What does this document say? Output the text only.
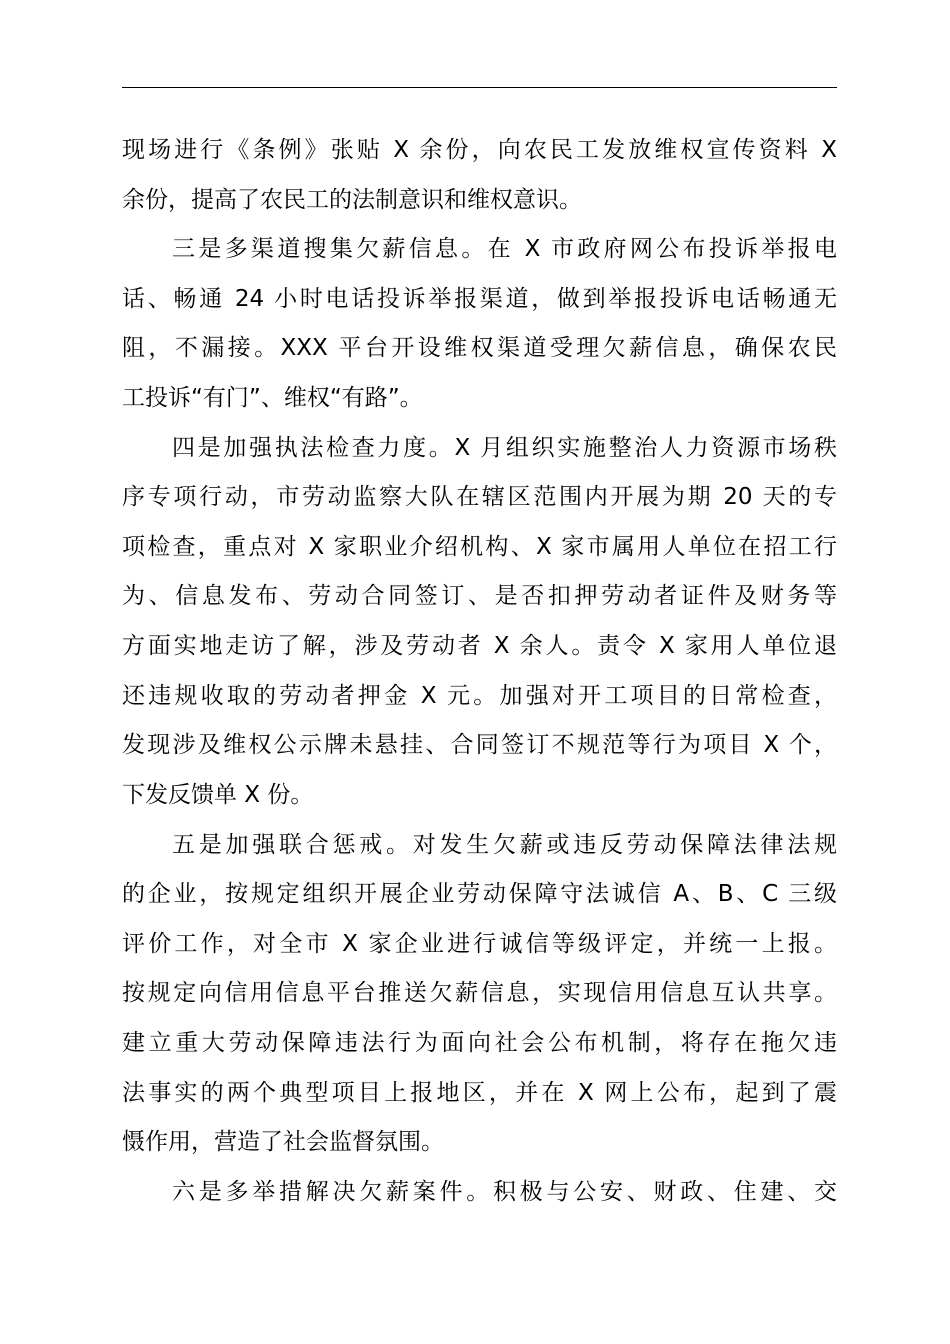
现场进行《条例》张贴 X 余份，向农民工发放维权宣传资料 X
余份，提高了农民工的法制意识和维权意识。
三是多渠道搜集欠薪信息。在 X 市政府网公布投诉举报电
话、畅通 24 小时电话投诉举报渠道，做到举报投诉电话畅通无
阻，不漏接。XXX 平台开设维权渠道受理欠薪信息，确保农民
工投诉“有门”、维权“有路”。
四是加强执法检查力度。X 月组织实施整治人力资源市场秩
序专项行动，市劳动监察大队在辖区范围内开展为期 20 天的专
项检查，重点对 X 家职业介绍机构、X 家市属用人单位在招工行
为、信息发布、劳动合同签订、是否扣押劳动者证件及财务等
方面实地走访了解，涉及劳动者 X 余人。责令 X 家用人单位退
还违规收取的劳动者押金 X 元。加强对开工项目的日常检查，
发现涉及维权公示牌未悬挂、合同签订不规范等行为项目 X 个，
下发反馈单 X 份。
五是加强联合惩戒。对发生欠薪或违反劳动保障法律法规
的企业，按规定组织开展企业劳动保障守法诚信 A、B、C 三级
评价工作，对全市 X 家企业进行诚信等级评定，并统一上报。
按规定向信用信息平台推送欠薪信息，实现信用信息互认共享。
建立重大劳动保障违法行为面向社会公布机制，将存在拖欠违
法事实的两个典型项目上报地区，并在 X 网上公布，起到了震
慑作用，营造了社会监督氛围。
六是多举措解决欠薪案件。积极与公安、财政、住建、交
